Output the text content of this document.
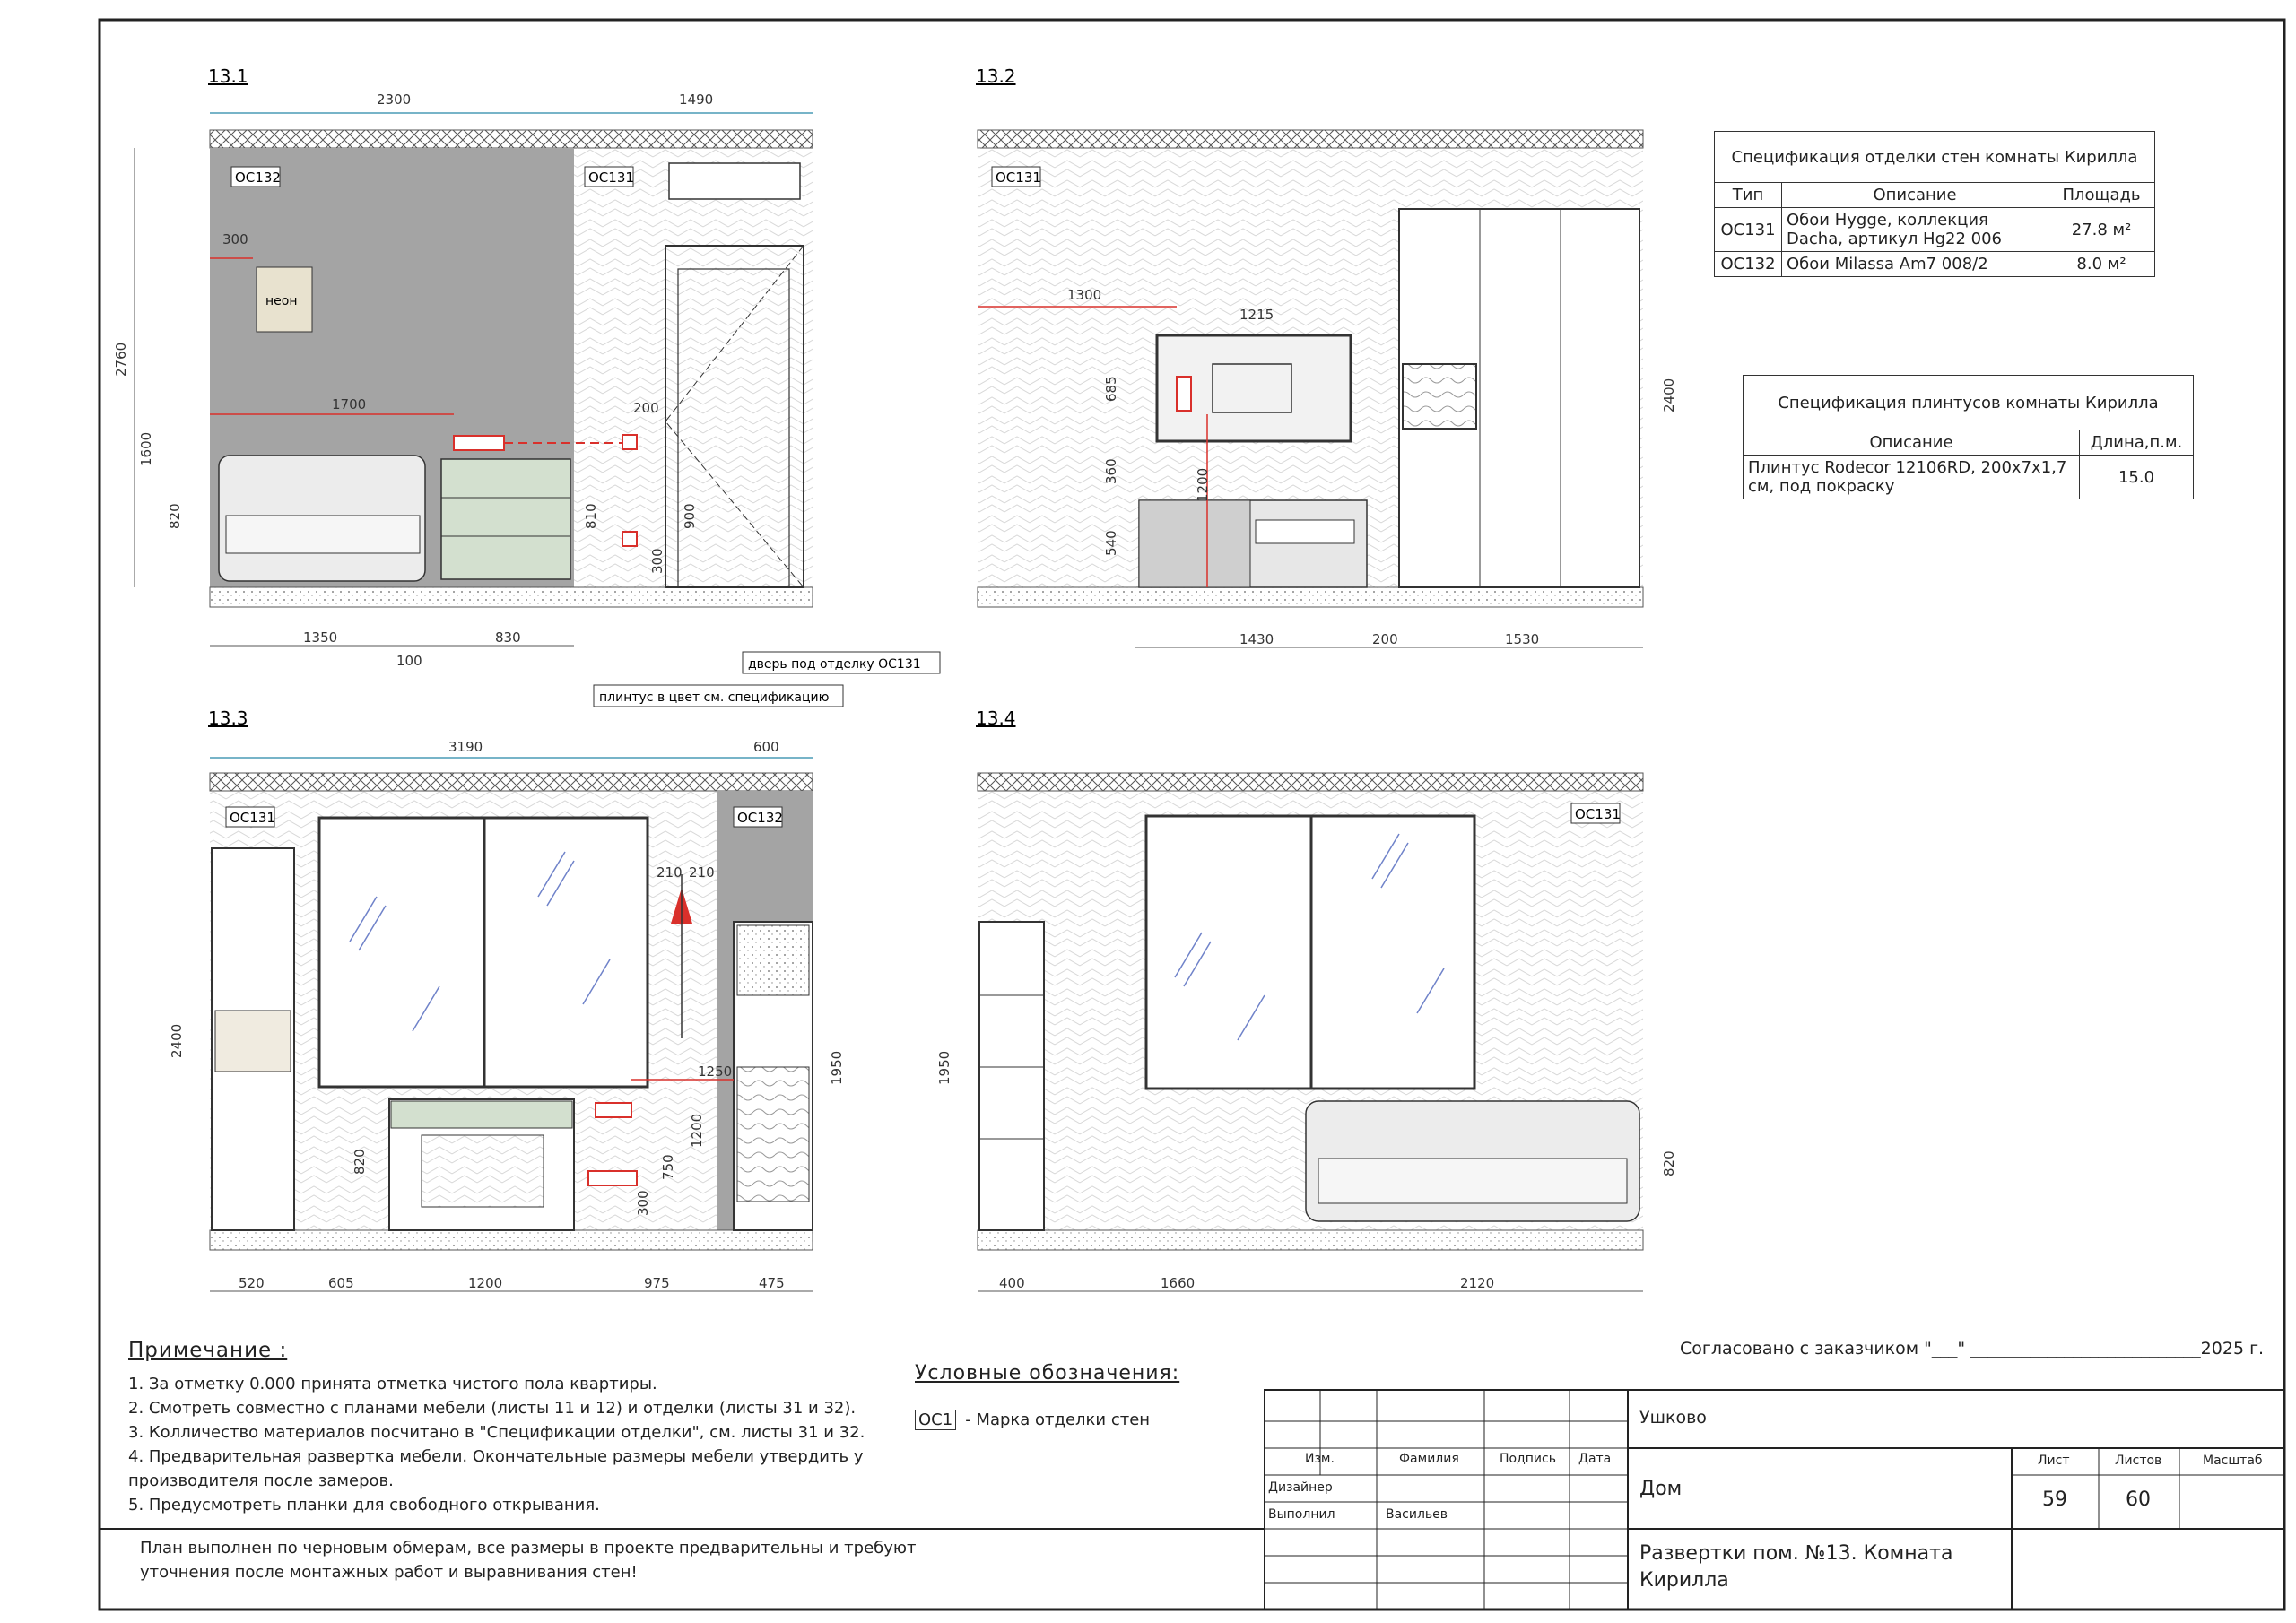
13.1
2300	1490
2760
ОС132	ОС131
неон
300
1700	200
1600
820	810	900
300
1350	830
100	дверь под отделку ОС131
плинтус в цвет см. спецификацию
13.2
ОС131
1300
1215
685
360	1200
540
2400
1430	200	1530
13.3
3190	600
ОС131	ОС132
2400
210 210
1250	1950
820
1200
750
300
520	605	1200	975	475
13.4
ОС131
1950
820
400	1660	2120
Спецификация отделки стен комнаты Кирилла		
Тип	Описание	Площадь
ОС131	Обои Hygge, коллекция Dacha, артикул Hg22 006	27.8 м²
ОС132	Обои Milassa Am7 008/2	8.0 м²
Спецификация плинтусов комнаты Кирилла	
Описание	Длина,п.м.
Плинтус Rodecor 12106RD, 200x7x1,7 см, под покраску	15.0
Примечание :
1. За отметку 0.000 принята отметка чистого пола квартиры.
2. Смотреть совместно с планами мебели (листы 11 и 12) и отделки (листы 31 и 32).
3. Колличество материалов посчитано в "Спецификации отделки", см. листы 31 и 32.
4. Предварительная развертка мебели. Окончательные размеры мебели утвердить у производителя после замеров.
5. Предусмотреть планки для свободного открывания.
Условные обозначения:
ОС1 - Марка отделки стен
Согласовано с заказчиком "___" ___________________________2025 г.
План выполнен по черновым обмерам, все размеры в проекте предварительны и требуют уточнения после монтажных работ и выравнивания стен!
Ушково
Дом
Развертки пом. №13. Комната Кирилла
Изм.	Фамилия	Подпись Дата
Дизайнер
Выполнил	Васильев
Лист	Листов	Масштаб
59	60
